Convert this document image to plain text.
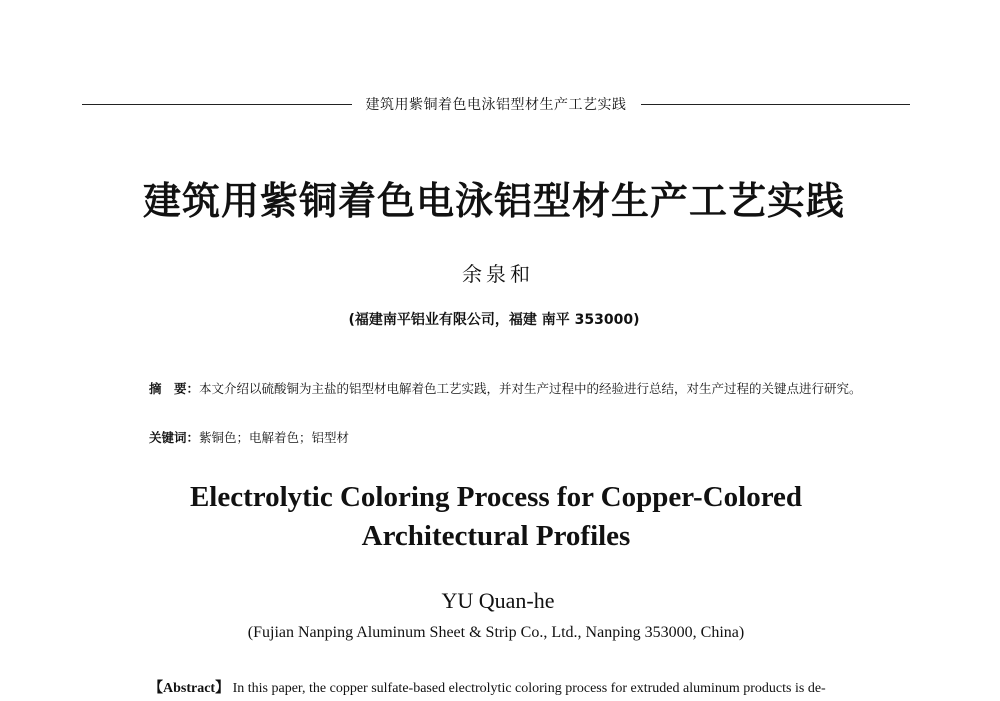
建筑用紫铜着色电泳铝型材生产工艺实践
建筑用紫铜着色电泳铝型材生产工艺实践
余泉和
(福建南平铝业有限公司，福建 南平 353000)
摘　要：本文介绍以硫酸铜为主盐的铝型材电解着色工艺实践，并对生产过程中的经验进行总结，对生产过程的关键点进行研究。
关键词：紫铜色；电解着色；铝型材
Electrolytic Coloring Process for Copper-Colored
Architectural Profiles
YU Quan-he
(Fujian Nanping Aluminum Sheet & Strip Co., Ltd., Nanping 353000, China)
【Abstract】 In this paper, the copper sulfate-based electrolytic coloring process for extruded aluminum products is de-
